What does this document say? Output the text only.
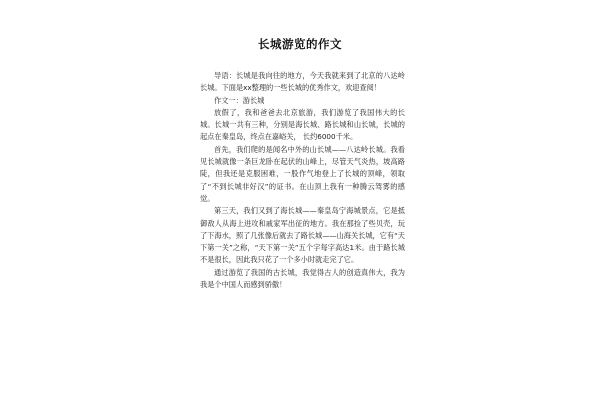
长城游览的作文

导语：长城是我向往的地方，今天我就来到了北京的八达岭长城。下面是xx整理的一些长城的优秀作文，欢迎查阅！

作文一：游长城

放假了，我和爸爸去北京旅游，我们游览了我国伟大的长城。长城一共有三种，分别是海长城、路长城和山长城，长城的起点在秦皇岛，终点在嘉峪关， 长约6000千米。

首先，我们爬的是闻名中外的山长城——八达岭长城。我看见长城就像一条巨龙卧在起伏的山峰上，尽管天气炎热，坡高路陡，但我还是克服困难，一股作气地登上了长城的顶峰，领取了“不到长城非好汉”的证书。在山顶上我有一种腾云驾雾的感觉。

第三天，我们又到了海长城——秦皇岛宁海城景点，它是抵御敌人从海上进攻和戚家军出征的地方。我在那捡了些贝壳，玩了下海水，照了几张像后就去了路长城——山海关长城，它有“天下第一关”之称，“天下第一关”五个字每字高达1米。由于路长城不是很长，因此我只花了一个多小时就走完了它。

通过游览了我国的古长城，我觉得古人的创造真伟大，我为我是个中国人而感到骄傲！
